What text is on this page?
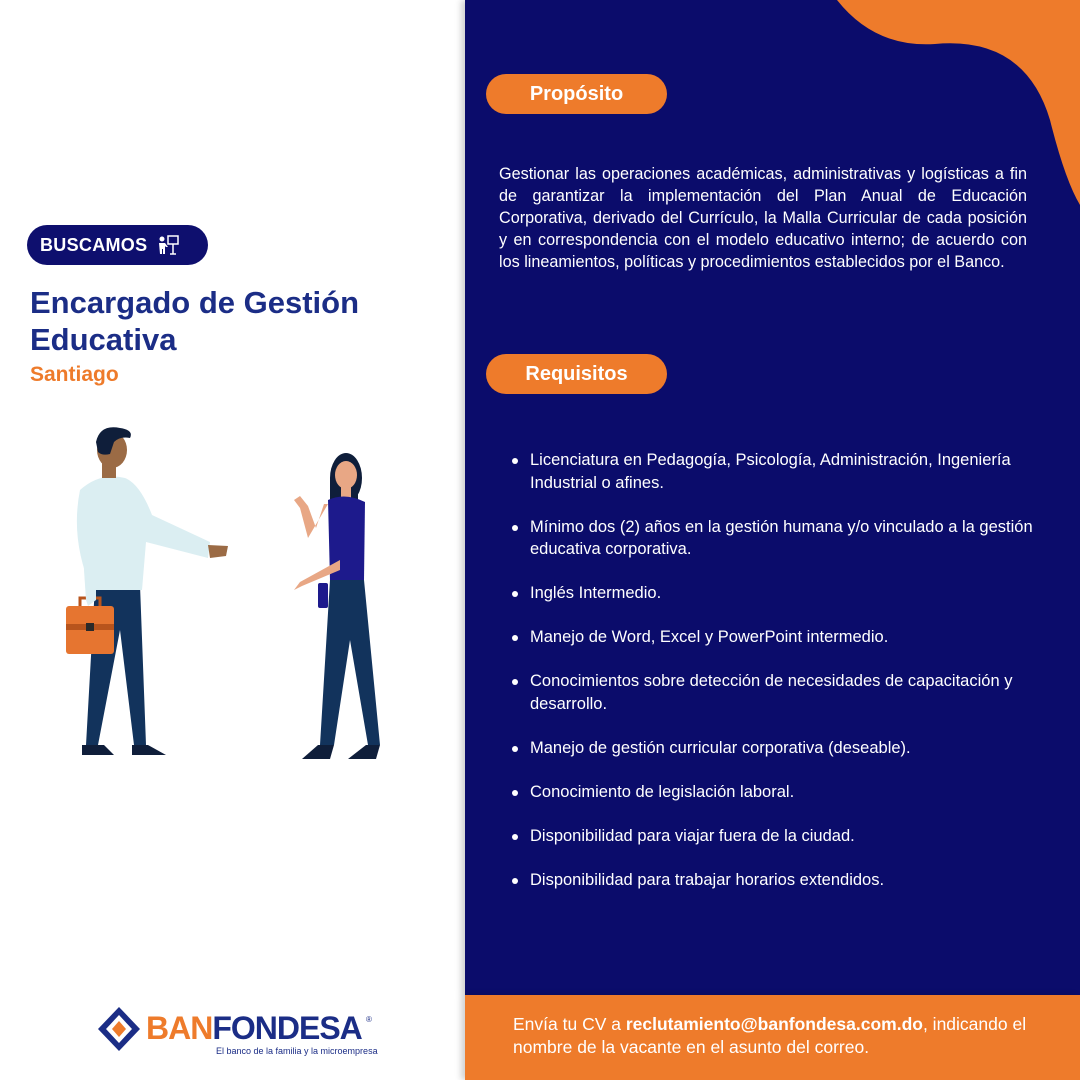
BUSCAMOS
Encargado de Gestión Educativa
Santiago
BANFONDESA ®
El banco de la familia y la microempresa
Propósito

Gestionar las operaciones académicas, administrativas y logísticas a fin de garantizar la implementación del Plan Anual de Educación Corporativa, derivado del Currículo, la Malla Curricular de cada posición y en correspondencia con el modelo educativo interno; de acuerdo con los lineamientos, políticas y procedimientos establecidos por el Banco.

Requisitos
Licenciatura en Pedagogía, Psicología, Administración, Ingeniería Industrial o afines.
Mínimo dos (2) años en la gestión humana y/o vinculado a la gestión educativa corporativa.
Inglés Intermedio.
Manejo de Word, Excel y PowerPoint intermedio.
Conocimientos sobre detección de necesidades de capacitación y desarrollo.
Manejo de gestión curricular corporativa (deseable).
Conocimiento de legislación laboral.
Disponibilidad para viajar fuera de la ciudad.
Disponibilidad para trabajar horarios extendidos.

Envía tu CV a reclutamiento@banfondesa.com.do, indicando el nombre de la vacante en el asunto del correo.
